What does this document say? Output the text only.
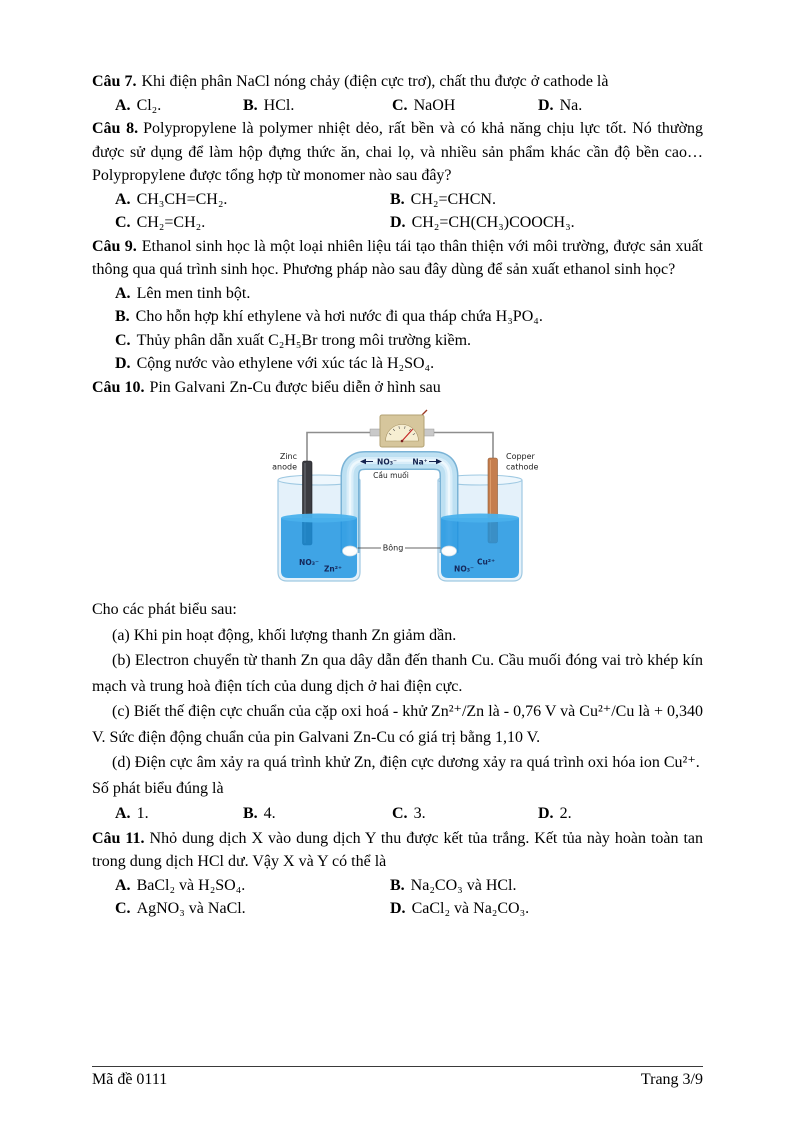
Câu 7. Khi điện phân NaCl nóng chảy (điện cực trơ), chất thu được ở cathode là

A. Cl₂.	B. HCl.	C. NaOH	D. Na.

Câu 8. Polypropylene là polymer nhiệt dẻo, rất bền và có khả năng chịu lực tốt. Nó thường được sử dụng để làm hộp đựng thức ăn, chai lọ, và nhiều sản phẩm khác cần độ bền cao… Polypropylene được tổng hợp từ monomer nào sau đây?

A. CH₃CH=CH₂.	B. CH₂=CHCN.
C. CH₂=CH₂.	D. CH₂=CH(CH₃)COOCH₃.

Câu 9. Ethanol sinh học là một loại nhiên liệu tái tạo thân thiện với môi trường, được sản xuất thông qua quá trình sinh học. Phương pháp nào sau đây dùng để sản xuất ethanol sinh học?

A. Lên men tinh bột.

B. Cho hỗn hợp khí ethylene và hơi nước đi qua tháp chứa H₃PO₄.

C. Thủy phân dẫn xuất C₂H₅Br trong môi trường kiềm.

D. Cộng nước vào ethylene với xúc tác là H₂SO₄.

Câu 10. Pin Galvani Zn-Cu được biểu diễn ở hình sau

Zinc
anode
Copper
cathode
NO₃⁻ Na⁺
Cầu muối
Bông
NO₃⁻
Zn²⁺	NO₃⁻
Cu²⁺

Cho các phát biểu sau:

(a) Khi pin hoạt động, khối lượng thanh Zn giảm dần.

(b) Electron chuyển từ thanh Zn qua dây dẫn đến thanh Cu. Cầu muối đóng vai trò khép kín mạch và trung hoà điện tích của dung dịch ở hai điện cực.

(c) Biết thế điện cực chuẩn của cặp oxi hoá - khử Zn²⁺/Zn là - 0,76 V và Cu²⁺/Cu là + 0,340 V. Sức điện động chuẩn của pin Galvani Zn-Cu có giá trị bằng 1,10 V.

(d) Điện cực âm xảy ra quá trình khử Zn, điện cực dương xảy ra quá trình oxi hóa ion Cu²⁺.

Số phát biểu đúng là

A. 1.	B. 4.	C. 3.	D. 2.

Câu 11. Nhỏ dung dịch X vào dung dịch Y thu được kết tủa trắng. Kết tủa này hoàn toàn tan trong dung dịch HCl dư. Vậy X và Y có thể là

A. BaCl₂ và H₂SO₄.	B. Na₂CO₃ và HCl.
C. AgNO₃ và NaCl.	D. CaCl₂ và Na₂CO₃.
Mã đề 0111	Trang 3/9
